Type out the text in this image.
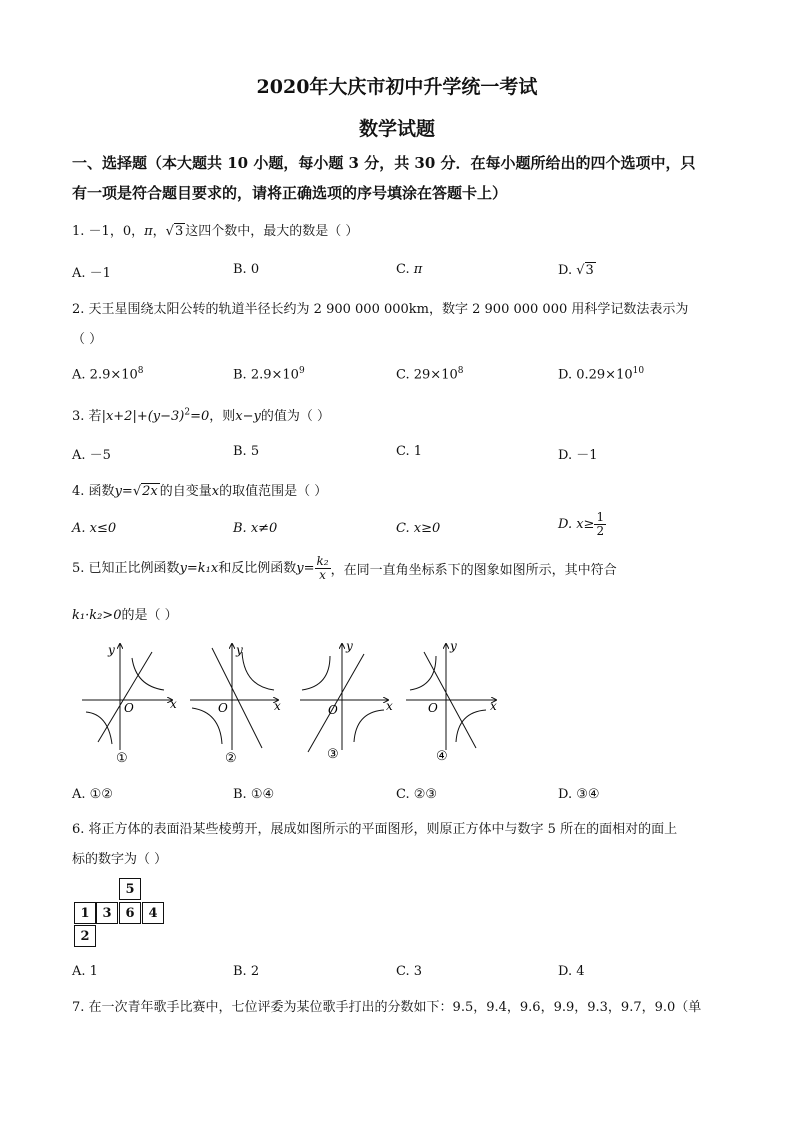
2020年大庆市初中升学统一考试
数学试题
一、选择题（本大题共 10 小题，每小题 3 分，共 30 分．在每小题所给出的四个选项中，只
有一项是符合题目要求的，请将正确选项的序号填涂在答题卡上）
1. －1，0，π，√3 这四个数中，最大的数是（ ）
A. －1	B. 0	C. π	D. √3
2. 天王星围绕太阳公转的轨道半径长约为 2 900 000 000km，数字 2 900 000 000 用科学记数法表示为
（ ）
A. $2.9\times 10^8$	B. $2.9\times 10^9$	C. $29\times 10^8$	D. $0.29\times 10^{10}$
3. 若$|x+2|+(y-3)^2=0$，则x−y的值为（ ）
A. －5	B. 5	C. 1	D. －1
4. 函数y=√2x 的自变量x的取值范围是（ ）
A. x≤0	B. x≠0	C. x≥0	D. $x\ge \frac{1}{2}$
5. 已知正比例函数y=k₁x和反比例函数$y= \frac{\text{k₂}}{x}$ ，在同一直角坐标系下的图象如图所示，其中符合
k₁·k₂>0的是（ ）
y
x
O
①
y
x
O
②
y
x
O
③
y
x
O
④
A. ①②	B. ①④	C. ②③	D. ③④
6. 将正方体的表面沿某些棱剪开，展成如图所示的平面图形，则原正方体中与数字 5 所在的面相对的面上
标的数字为（ ）
5
1 3	6	4
2
A. 1	B. 2	C. 3	D. 4
7. 在一次青年歌手比赛中，七位评委为某位歌手打出的分数如下：9.5，9.4，9.6，9.9，9.3，9.7，9.0（单
